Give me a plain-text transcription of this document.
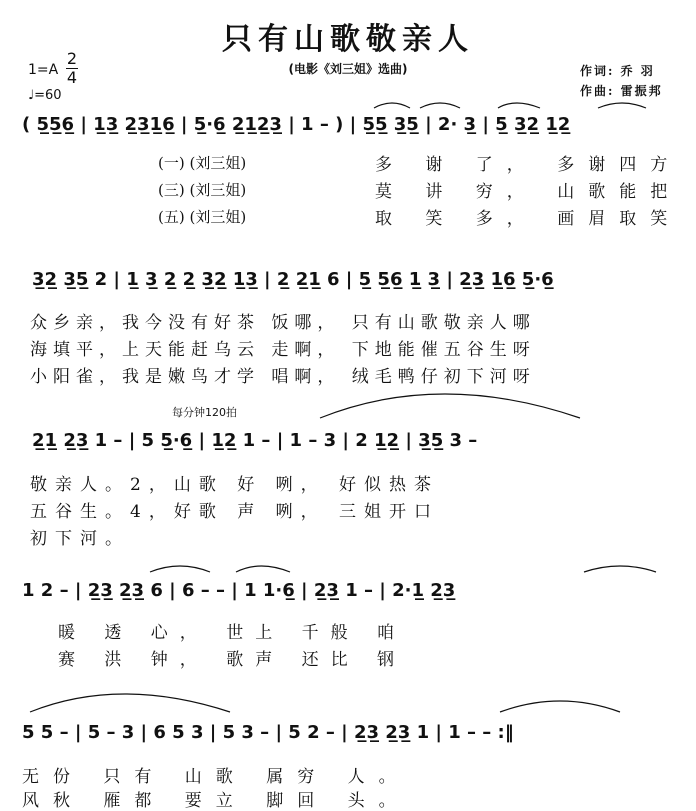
只有山歌敬亲人
(电影《刘三姐》选曲)	作词: 乔 羽
作曲: 雷振邦
1=A
2
4
♩=60
( 5̲5̲6̲ | 1̲3̲ 2̲3̲1̲6̲ | 5̲·6̲ 2̲1̲2̲3̲ | 1 – ) | 5̲5̲ 3̲5̲ | 2· 3̲ | 5̲ 3̲2̲ 1̲2̲
(一) (刘三姐)	多 谢 了， 多谢四方
(三) (刘三姐)	莫 讲 穷， 山歌能把
(五) (刘三姐)	取 笑 多， 画眉取笑
3̲2̲ 3̲5̲ 2 | 1̲ 3̲ 2̲ 2̲ 3̲2̲ 1̲3̲ | 2̲ 2̲1̲ 6 | 5̲ 5̲6̲ 1̲ 3̲ | 2̲3̲ 1̲6̲ 5̲·6̲
众乡亲，我今没有好茶 饭哪， 只有山歌敬亲人哪
海填平，上天能赶乌云 走啊， 下地能催五谷生呀
小阳雀，我是嫩鸟才学 唱啊， 绒毛鸭仔初下河呀
每分钟120拍
2̲1̲ 2̲3̲ 1 – | 5 5̲·6̲ | 1̲2̲ 1 – | 1 – 3 | 2 1̲2̲ | 3̲5̲ 3 –
敬亲人。2，山歌 好 咧， 好似热茶
五谷生。4，好歌 声 咧， 三姐开口
初下河。
1 2 – | 2̲3̲ 2̲3̲ 6 | 6 – – | 1 1·6̲ | 2̲3̲ 1 – | 2·1̲ 2̲3̲
暖 透 心， 世上 千般 咱
赛 洪 钟， 歌声 还比 钢
5 5 – | 5 – 3 | 6 5 3 | 5 3 – | 5 2 – | 2̲3̲ 2̲3̲ 1 | 1 – – :‖
无份 只有 山歌 属穷 人。
风秋 雁都 要立 脚回 头。
